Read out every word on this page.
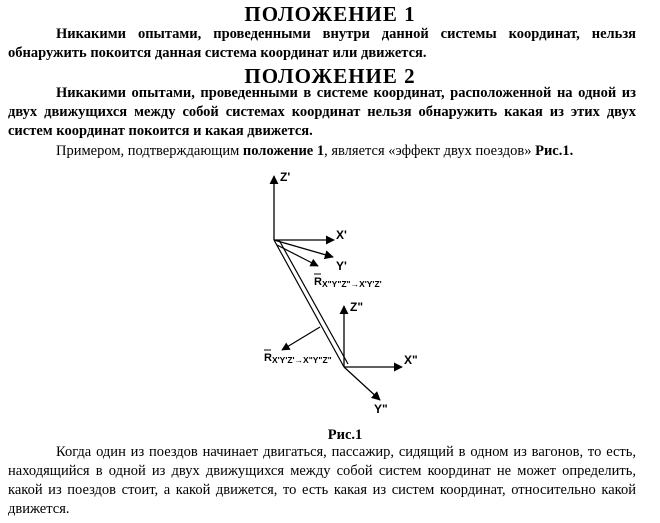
ПОЛОЖЕНИЕ 1
Никакими опытами, проведенными внутри данной системы координат, нельзя обнаружить покоится данная система координат или движется.
ПОЛОЖЕНИЕ 2
Никакими опытами, проведенными в системе координат, расположенной на одной из двух движущихся между собой системах координат нельзя обнаружить какая из этих двух систем координат покоится и какая движется.
Примером, подтверждающим положение 1, является «эффект двух поездов» Рис.1.
Z'
X'
Y'
Z"
X"
Y"
RX"Y"Z"→X'Y'Z'
RX'Y'Z'→X"Y"Z"
Рис.1
Когда один из поездов начинает двигаться, пассажир, сидящий в одном из вагонов, то есть, находящийся в одной из двух движущихся между собой систем координат не может определить, какой из поездов стоит, а какой движется, то есть какая из систем координат, относительно какой движется.
